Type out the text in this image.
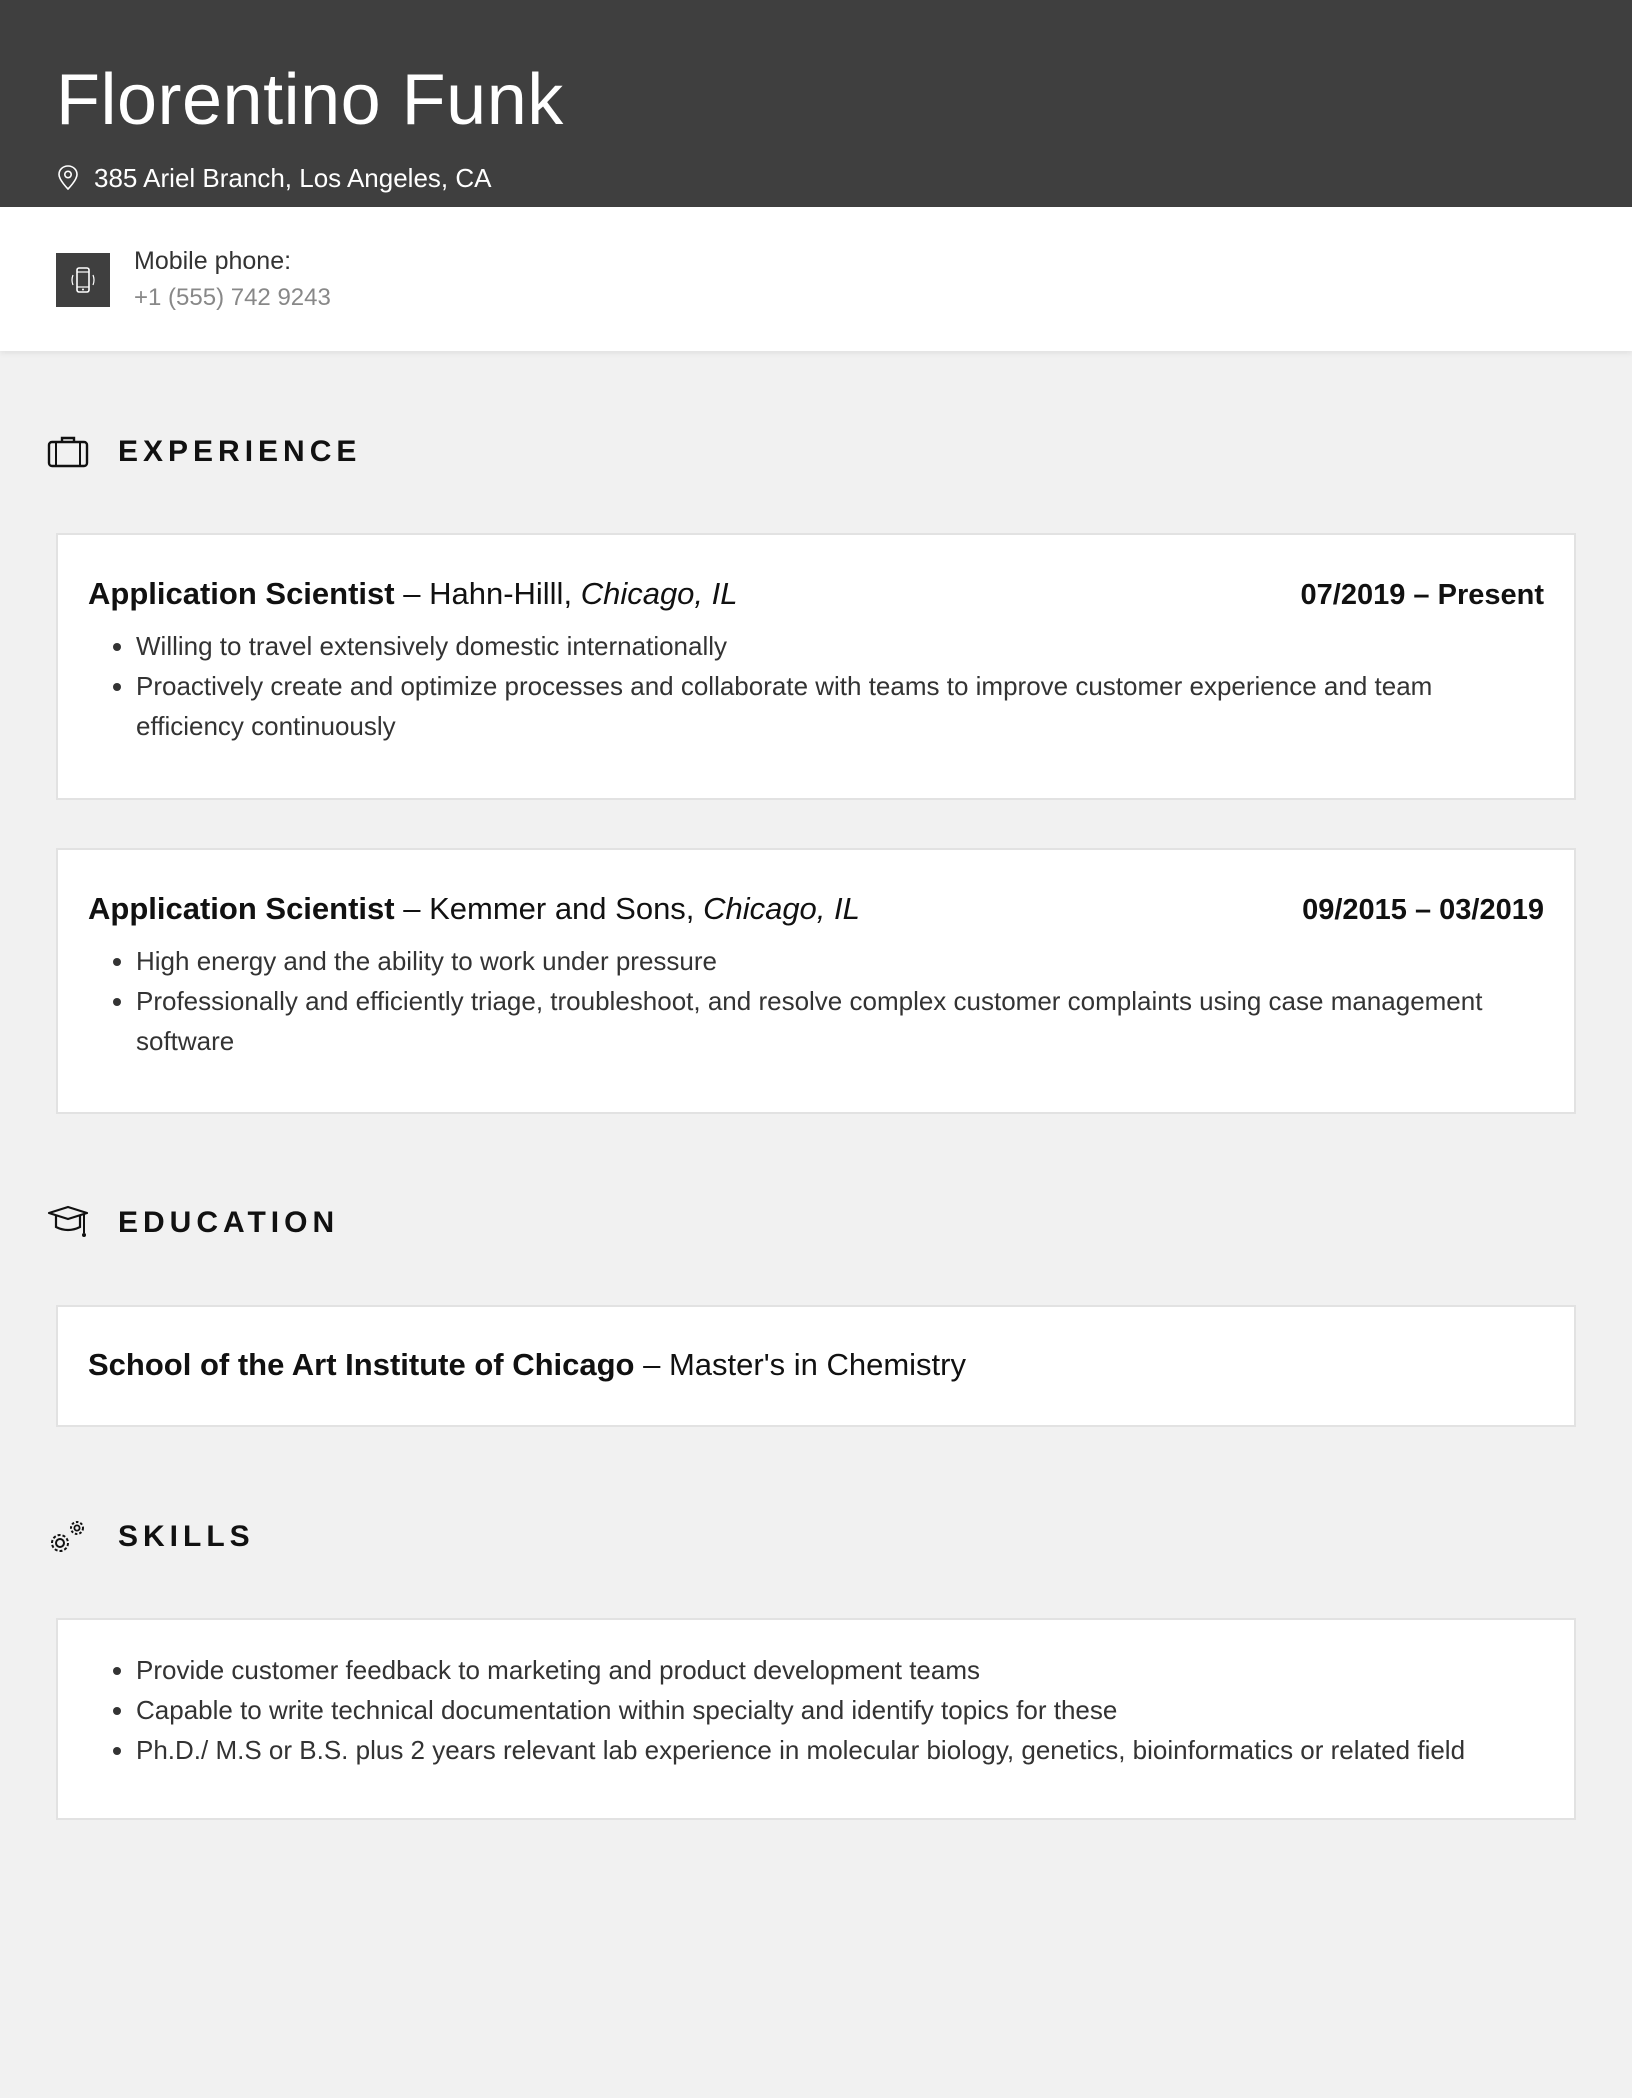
Florentino Funk
385 Ariel Branch, Los Angeles, CA
Mobile phone:
+1 (555) 742 9243
EXPERIENCE
Application Scientist – Hahn-Hilll, Chicago, IL	07/2019 – Present
• Willing to travel extensively domestic internationally
• Proactively create and optimize processes and collaborate with teams to improve customer experience and team efficiency continuously
Application Scientist – Kemmer and Sons, Chicago, IL	09/2015 – 03/2019
• High energy and the ability to work under pressure
• Professionally and efficiently triage, troubleshoot, and resolve complex customer complaints using case management software
EDUCATION
School of the Art Institute of Chicago – Master's in Chemistry
SKILLS
• Provide customer feedback to marketing and product development teams
• Capable to write technical documentation within specialty and identify topics for these
• Ph.D./ M.S or B.S. plus 2 years relevant lab experience in molecular biology, genetics, bioinformatics or related field
